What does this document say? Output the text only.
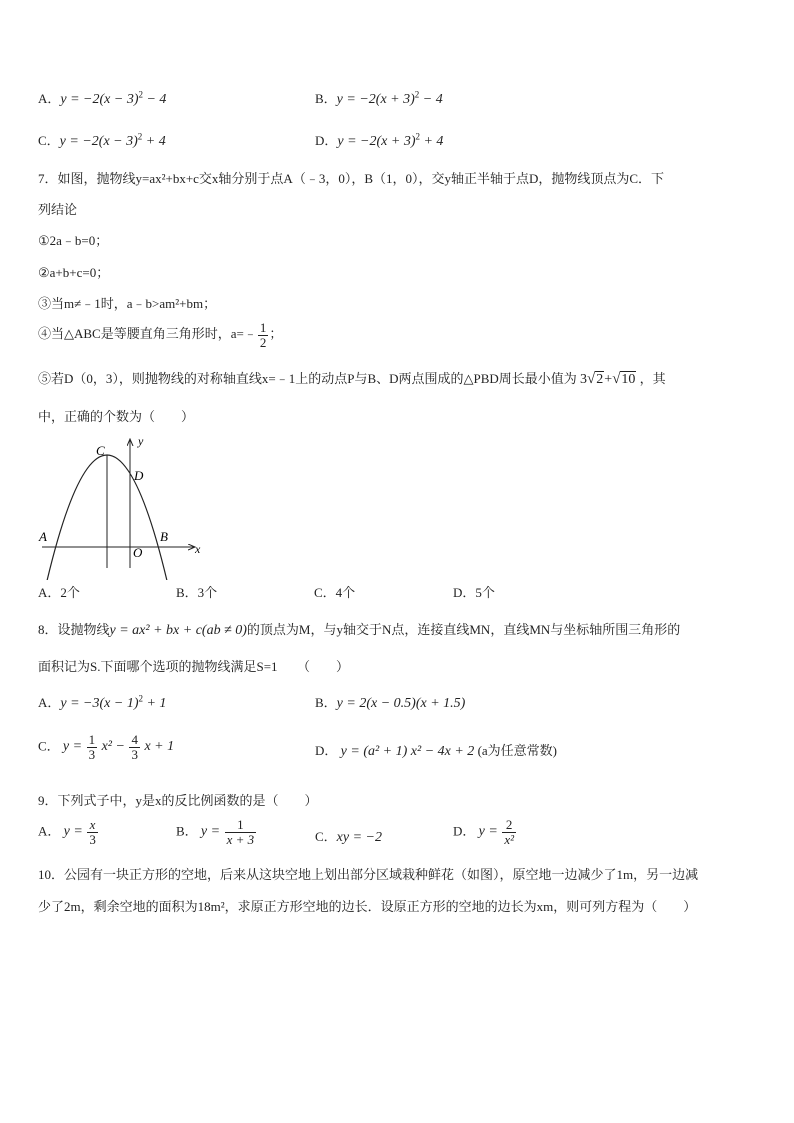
A．$y = -2(x - 3)^2 - 4$	B．$y = -2(x + 3)^2 - 4$
C．$y = -2(x - 3)^2 + 4$	D．$y = -2(x + 3)^2 + 4$
7．如图，抛物线y=ax²+bx+c交x轴分别于点A（﹣3，0），B（1，0），交y轴正半轴于点D，抛物线顶点为C．下
列结论
①2a﹣b=0；
②a+b+c=0；
③当m≠﹣1时，a﹣b>am²+bm；
④当△ABC是等腰直角三角形时，a=﹣ $\frac{1}{2}$ ；
⑤若D（0，3），则抛物线的对称轴直线x=﹣1上的动点P与B、D两点围成的△PBD周长最小值为 3√2+√10 ，其
中，正确的个数为（　　）
C
D
A	B
O	x
y
A．2个	B．3个	C．4个	D．5个
8．设抛物线y = ax² + bx + c(ab ≠ 0)的顶点为M，与y轴交于N点，连接直线MN，直线MN与坐标轴所围三角形的
面积记为S.下面哪个选项的抛物线满足S=1　　（　　）
A．$y = -3(x - 1)^2 + 1$	B．y = 2(x − 0.5)(x + 1.5)
C． $y = \frac{1}{3} x^2 - \frac{4}{3}$ x + 1	D． y = (a² + 1) x² − 4x + 2 (a为任意常数)
9．下列式子中，y是x的反比例函数的是（　　）
A． $y = \frac{x}{3}$	B． $y = \frac{1}{x + 3}$	C．xy = −2	D． $y = \frac{2}{\text{x²}}$
10．公园有一块正方形的空地，后来从这块空地上划出部分区域栽种鲜花（如图），原空地一边减少了1m，另一边减
少了2m，剩余空地的面积为18m²，求原正方形空地的边长．设原正方形的空地的边长为xm，则可列方程为（　　）
